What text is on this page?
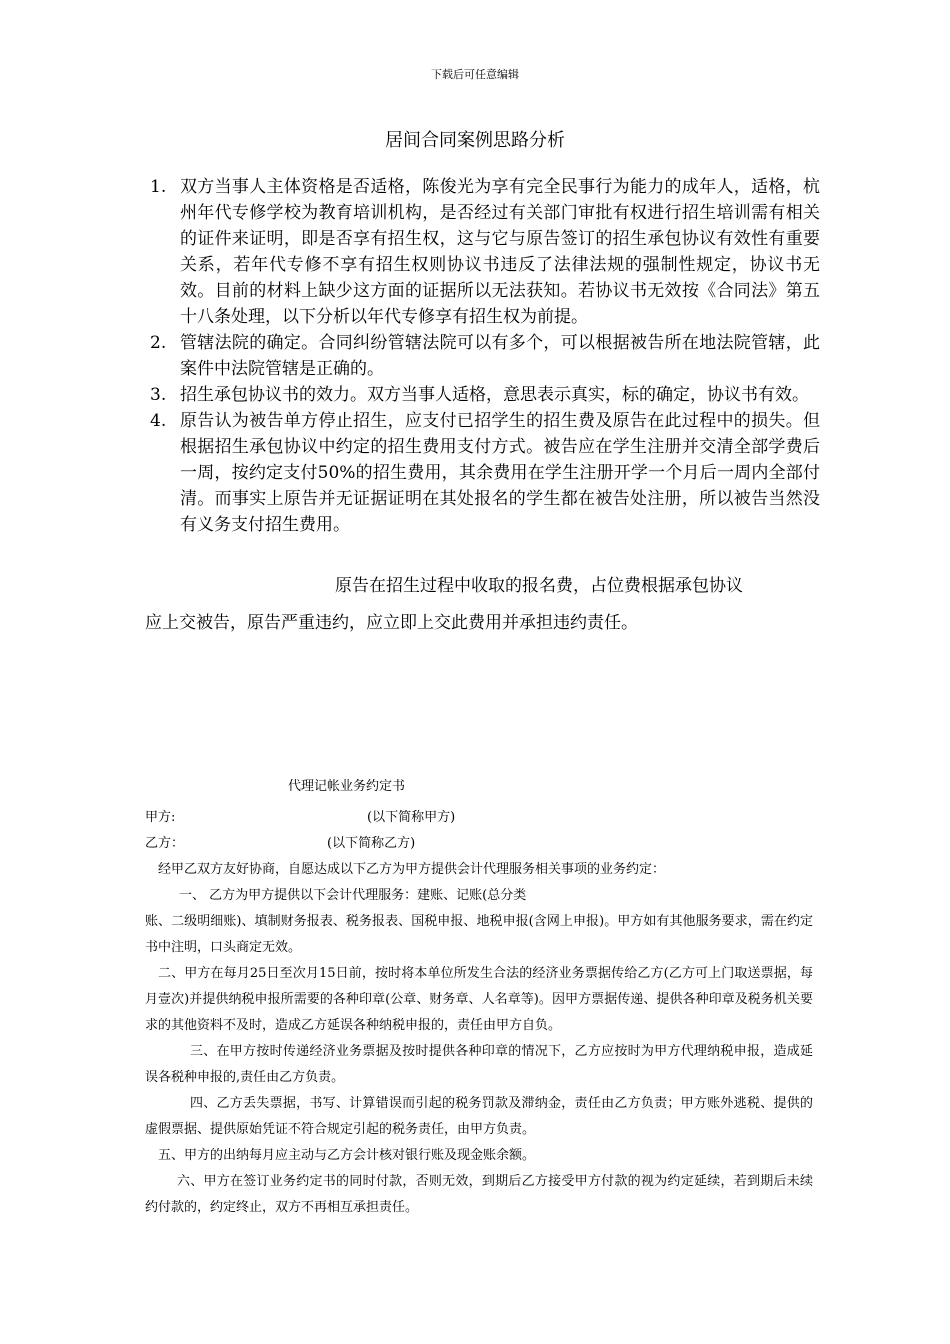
下载后可任意编辑
居间合同案例思路分析
1. 双方当事人主体资格是否适格，陈俊光为享有完全民事行为能力的成年人，适格，杭州年代专修学校为教育培训机构，是否经过有关部门审批有权进行招生培训需有相关的证件来证明，即是否享有招生权，这与它与原告签订的招生承包协议有效性有重要关系，若年代专修不享有招生权则协议书违反了法律法规的强制性规定，协议书无效。目前的材料上缺少这方面的证据所以无法获知。若协议书无效按《合同法》第五十八条处理，以下分析以年代专修享有招生权为前提。
2. 管辖法院的确定。合同纠纷管辖法院可以有多个，可以根据被告所在地法院管辖，此案件中法院管辖是正确的。
3. 招生承包协议书的效力。双方当事人适格，意思表示真实，标的确定，协议书有效。
4. 原告认为被告单方停止招生，应支付已招学生的招生费及原告在此过程中的损失。但根据招生承包协议中约定的招生费用支付方式。被告应在学生注册并交清全部学费后一周，按约定支付50%的招生费用，其余费用在学生注册开学一个月后一周内全部付清。而事实上原告并无证据证明在其处报名的学生都在被告处注册，所以被告当然没有义务支付招生费用。
原告在招生过程中收取的报名费，占位费根据承包协议
应上交被告，原告严重违约，应立即上交此费用并承担违约责任。
代理记帐业务约定书
甲方:	(以下简称甲方)
乙方：	(以下简称乙方)
经甲乙双方友好协商，自愿达成以下乙方为甲方提供会计代理服务相关事项的业务约定：
一、 乙方为甲方提供以下会计代理服务：建账、记账(总分类
账、二级明细账)、填制财务报表、税务报表、国税申报、地税申报(含网上申报)。甲方如有其他服务要求，需在约定书中注明，口头商定无效。
二、甲方在每月25日至次月15日前，按时将本单位所发生合法的经济业务票据传给乙方(乙方可上门取送票据，每月壹次)并提供纳税申报所需要的各种印章(公章、财务章、人名章等)。因甲方票据传递、提供各种印章及税务机关要求的其他资料不及时，造成乙方延误各种纳税申报的，责任由甲方自负。
三、在甲方按时传递经济业务票据及按时提供各种印章的情况下，乙方应按时为甲方代理纳税申报，造成延误各税种申报的,责任由乙方负责。
四、乙方丢失票据，书写、计算错误而引起的税务罚款及滞纳金，责任由乙方负责；甲方账外逃税、提供的虚假票据、提供原始凭证不符合规定引起的税务责任，由甲方负责。
五、甲方的出纳每月应主动与乙方会计核对银行账及现金账余额。
六、甲方在签订业务约定书的同时付款，否则无效，到期后乙方接受甲方付款的视为约定延续，若到期后未续约付款的，约定终止，双方不再相互承担责任。
